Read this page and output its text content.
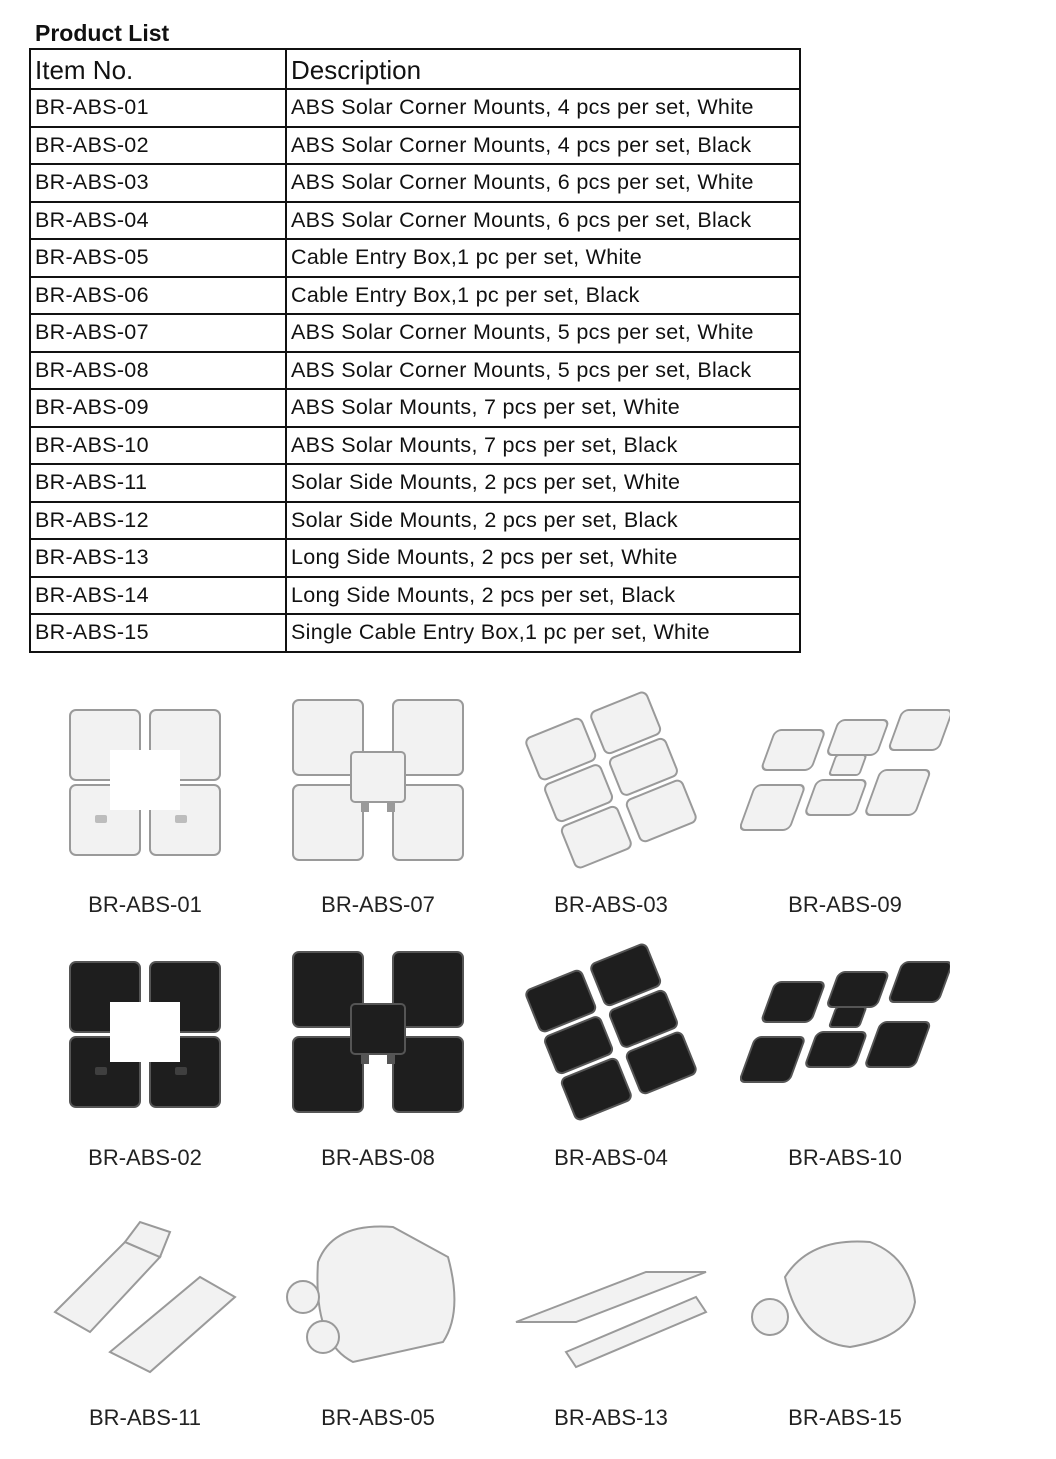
Product List
Item No.	Description
BR-ABS-01	ABS Solar Corner Mounts, 4 pcs per set, White
BR-ABS-02	ABS Solar Corner Mounts, 4 pcs per set, Black
BR-ABS-03	ABS Solar Corner Mounts, 6 pcs per set, White
BR-ABS-04	ABS Solar Corner Mounts, 6 pcs per set, Black
BR-ABS-05	Cable Entry Box,1 pc per set, White
BR-ABS-06	Cable Entry Box,1 pc per set, Black
BR-ABS-07	ABS Solar Corner Mounts, 5 pcs per set, White
BR-ABS-08	ABS Solar Corner Mounts, 5 pcs per set, Black
BR-ABS-09	ABS Solar Mounts, 7 pcs per set, White
BR-ABS-10	ABS Solar Mounts, 7 pcs per set, Black
BR-ABS-11	Solar Side Mounts, 2 pcs per set, White
BR-ABS-12	Solar Side Mounts, 2 pcs per set, Black
BR-ABS-13	Long Side Mounts, 2 pcs per set, White
BR-ABS-14	Long Side Mounts, 2 pcs per set, Black
BR-ABS-15	Single Cable Entry Box,1 pc per set, White
BR-ABS-01	BR-ABS-07	BR-ABS-03	BR-ABS-09
BR-ABS-02	BR-ABS-08	BR-ABS-04	BR-ABS-10
BR-ABS-11	BR-ABS-05	BR-ABS-13	BR-ABS-15
